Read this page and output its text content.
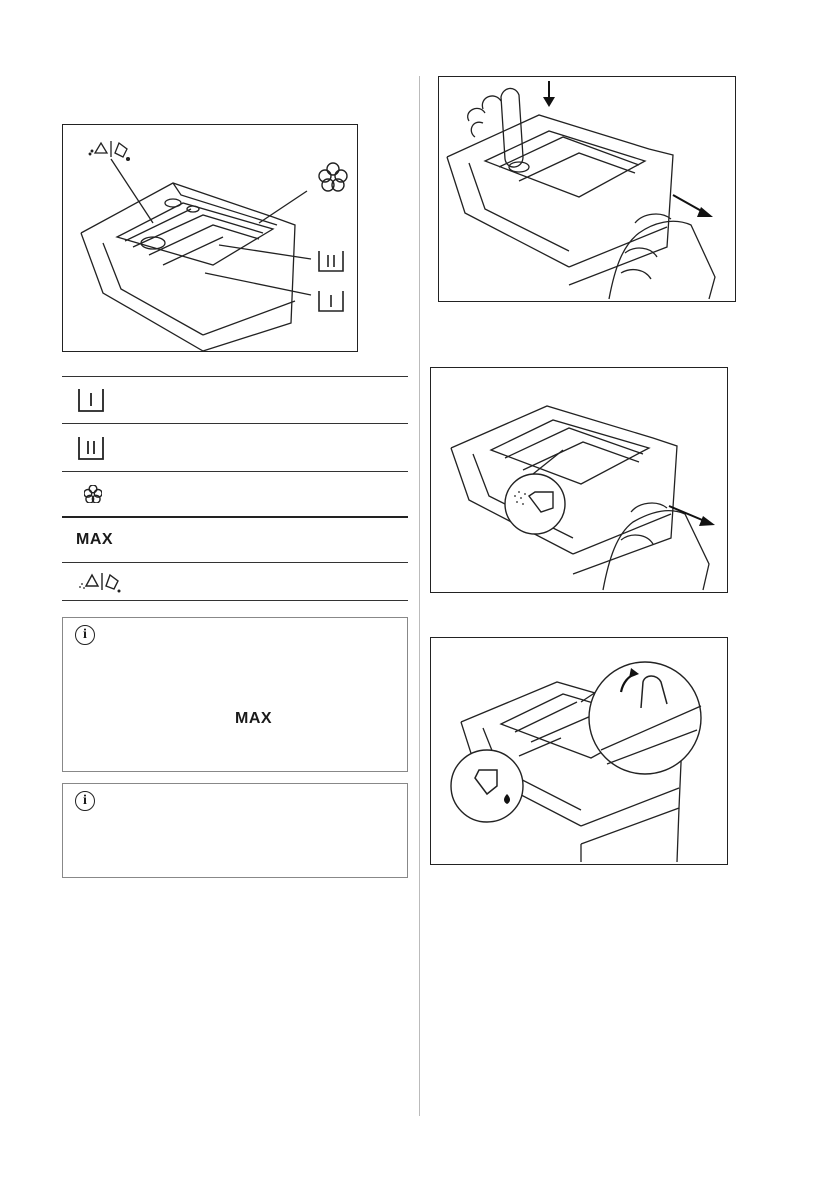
MAX
i
MAX
i
